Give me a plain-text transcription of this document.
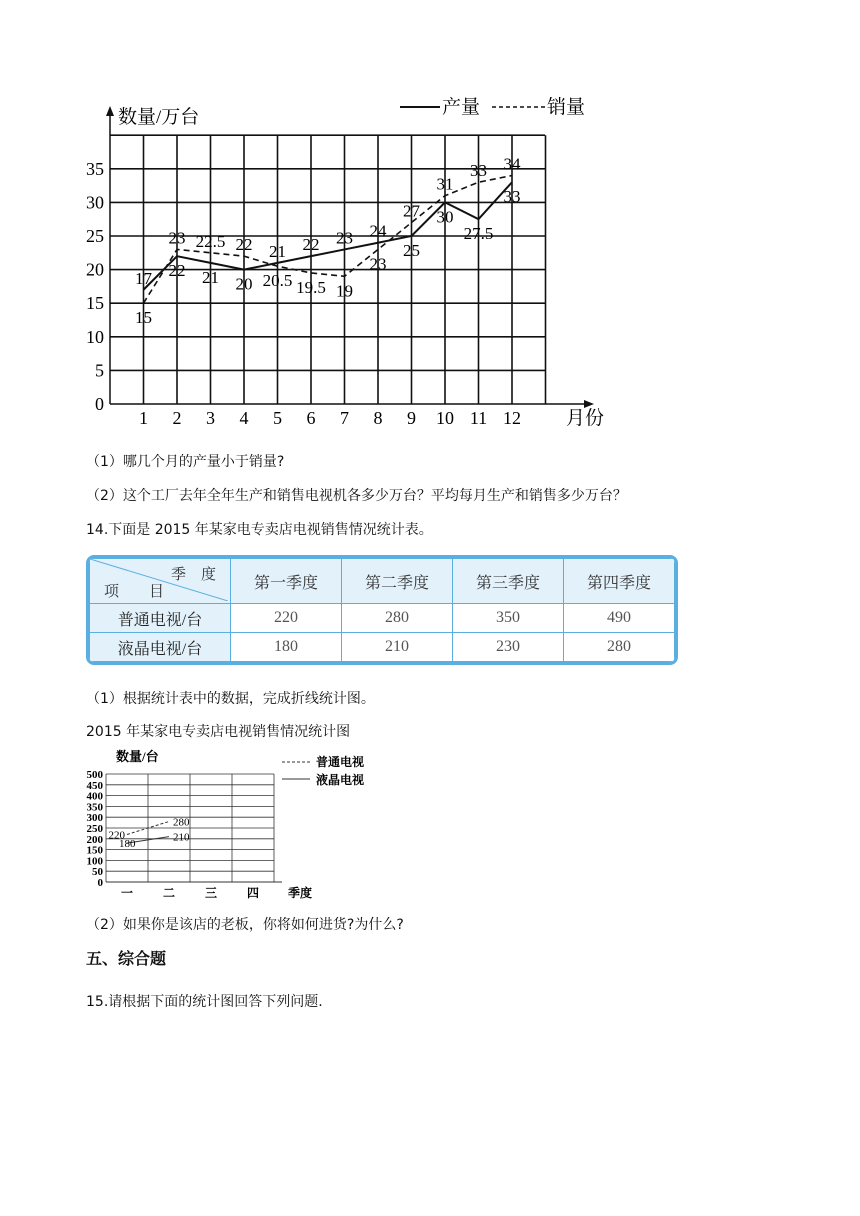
0
5
10
15
20
25
30
35
1 2 3 4 5 6 7 8 9 10 11 12
17
15
22
23
21
22.5
20
22 21
20.5
22
19.5
23
19
24
23
25
27 30
31
27.5
33
33
34
数量/万台
月份
产量	销量
（1）哪几个月的产量小于销量?
（2）这个工厂去年全年生产和销售电视机各多少万台？平均每月生产和销售多少万台？
14.下面是 2015 年某家电专卖店电视销售情况统计表。
季　度
项　　目	第一季度	第二季度	第三季度	第四季度
普通电视/台	220	280	350	490
液晶电视/台	180	210	230	280
（1）根据统计表中的数据，完成折线统计图。
2015 年某家电专卖店电视销售情况统计图
0
50
100
150
200
250
300
350
400
450
500
一 二 三 四
220
180
280
210
数量/台
季度
普通电视
液晶电视
（2）如果你是该店的老板，你将如何进货?为什么?
五、综合题
15.请根据下面的统计图回答下列问题.
